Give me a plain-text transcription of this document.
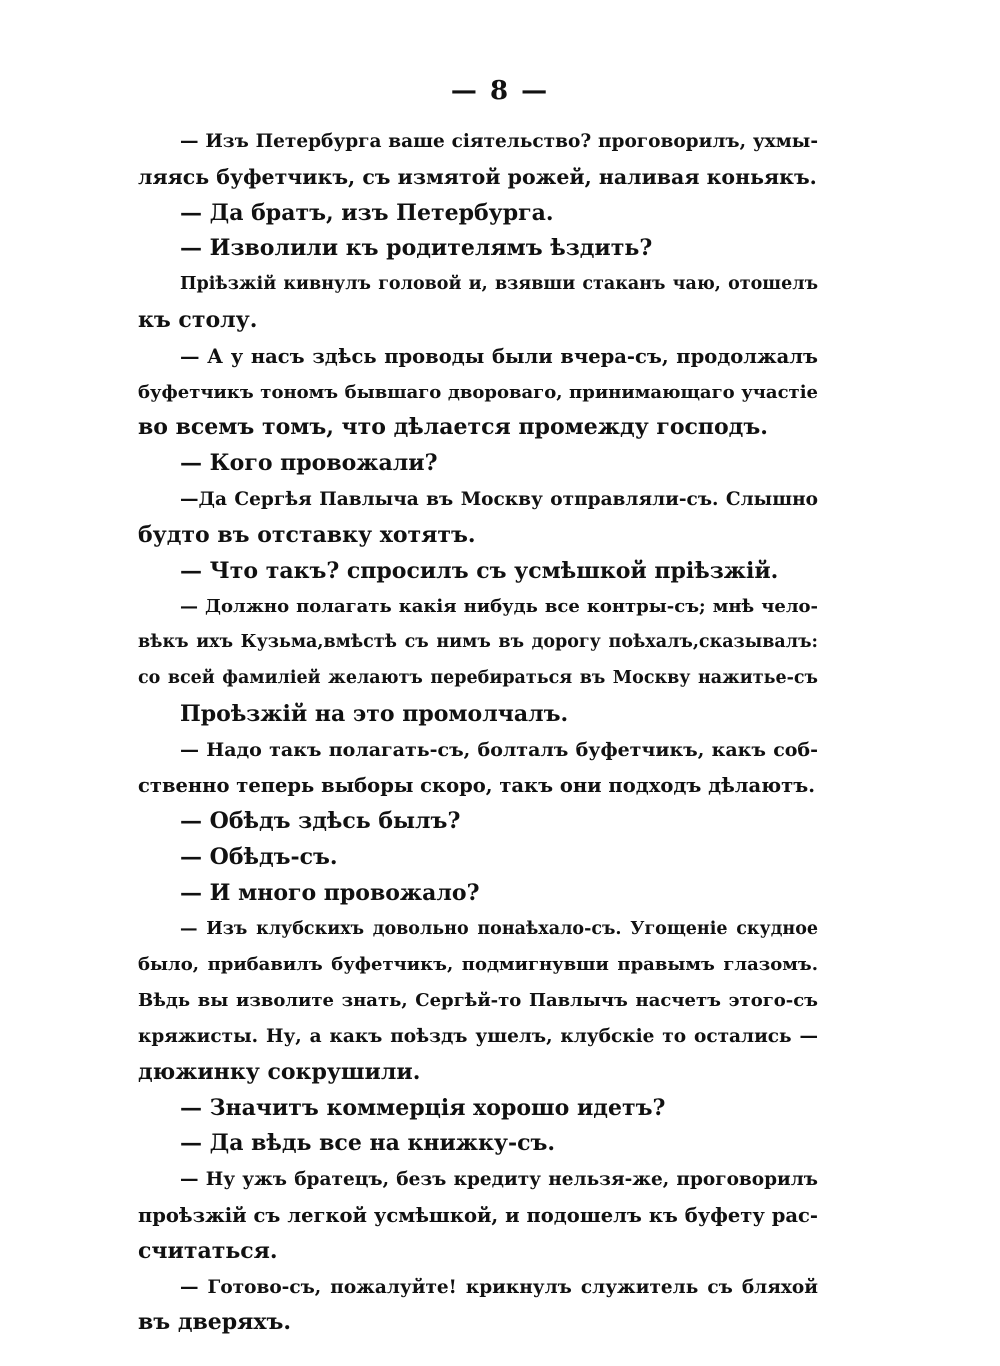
— 8 —
— Изъ Петербурга ваше сiятельство? проговорилъ, ухмы-
ляясь буфетчикъ, съ измятой рожей, наливая коньякъ.
— Да братъ, изъ Петербурга.
— Изволили къ родителямъ ѣздить?
Прiѣзжiй кивнулъ головой и, взявши стаканъ чаю, отошелъ
къ столу.
— А у насъ здѣсь проводы были вчера-съ, продолжалъ
буфетчикъ тономъ бывшаго двороваго, принимающаго участiе
во всемъ томъ, что дѣлается промежду господъ.
— Кого провожали?
—Да Сергѣя Павлыча въ Москву отправляли-съ. Слышно
будто въ отставку хотятъ.
— Что такъ? спросилъ съ усмѣшкой прiѣзжiй.
— Должно полагать какiя нибудь все контры-съ; мнѣ чело-
вѣкъ ихъ Кузьма,вмѣстѣ съ нимъ въ дорогу поѣхалъ,сказывалъ:
со всей фамилiей желаютъ перебираться въ Москву нажитье-съ
Проѣзжiй на это промолчалъ.
— Надо такъ полагать-съ, болталъ буфетчикъ, какъ соб-
ственно теперь выборы скоро, такъ они подходъ дѣлаютъ.
— Обѣдъ здѣсь былъ?
— Обѣдъ-съ.
— И много провожало?
— Изъ клубскихъ довольно понаѣхало-съ. Угощенiе скудное
было, прибавилъ буфетчикъ, подмигнувши правымъ глазомъ.
Вѣдь вы изволите знать, Сергѣй-то Павлычъ насчетъ этого-съ
кряжисты. Ну, а какъ поѣздъ ушелъ, клубскiе то остались —
дюжинку сокрушили.
— Значитъ коммерцiя хорошо идетъ?
— Да вѣдь все на книжку-съ.
— Ну ужъ братецъ, безъ кредиту нельзя-же, проговорилъ
проѣзжiй съ легкой усмѣшкой, и подошелъ къ буфету рас-
считаться.
— Готово-съ, пожалуйте! крикнулъ служитель съ бляхой
въ дверяхъ.
